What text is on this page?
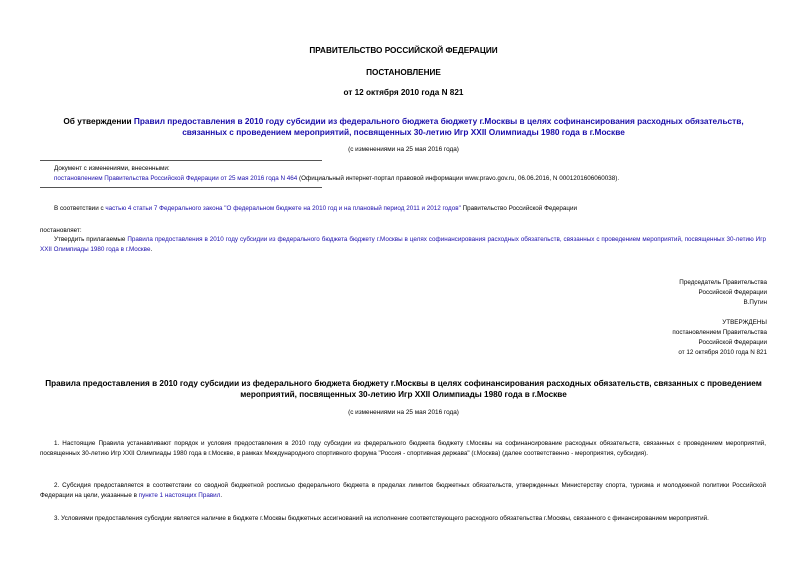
ПРАВИТЕЛЬСТВО РОССИЙСКОЙ ФЕДЕРАЦИИ
ПОСТАНОВЛЕНИЕ
от 12 октября 2010 года N 821
Об утверждении Правил предоставления в 2010 году субсидии из федерального бюджета бюджету г.Москвы в целях софинансирования расходных обязательств, связанных с проведением мероприятий, посвященных 30-летию Игр XXII Олимпиады 1980 года в г.Москве
(с изменениями на 25 мая 2016 года)
Документ с изменениями, внесенными:
постановлением Правительства Российской Федерации от 25 мая 2016 года N 464 (Официальный интернет-портал правовой информации www.pravo.gov.ru, 06.06.2016, N 0001201606060038).
В соответствии с частью 4 статьи 7 Федерального закона "О федеральном бюджете на 2010 год и на плановый период 2011 и 2012 годов" Правительство Российской Федерации
постановляет:
Утвердить прилагаемые Правила предоставления в 2010 году субсидии из федерального бюджета бюджету г.Москвы в целях софинансирования расходных обязательств, связанных с проведением мероприятий, посвященных 30-летию Игр XXII Олимпиады 1980 года в г.Москве.
Председатель Правительства
Российской Федерации
В.Путин
УТВЕРЖДЕНЫ
постановлением Правительства
Российской Федерации
от 12 октября 2010 года N 821
Правила предоставления в 2010 году субсидии из федерального бюджета бюджету г.Москвы в целях софинансирования расходных обязательств, связанных с проведением мероприятий, посвященных 30-летию Игр XXII Олимпиады 1980 года в г.Москве
(с изменениями на 25 мая 2016 года)
1. Настоящие Правила устанавливают порядок и условия предоставления в 2010 году субсидии из федерального бюджета бюджету г.Москвы на софинансирование расходных обязательств, связанных с проведением мероприятий, посвященных 30-летию Игр XXII Олимпиады 1980 года в г.Москве, в рамках Международного спортивного форума "Россия - спортивная держава" (г.Москва) (далее соответственно - мероприятия, субсидия).
2. Субсидия предоставляется в соответствии со сводной бюджетной росписью федерального бюджета в пределах лимитов бюджетных обязательств, утвержденных Министерству спорта, туризма и молодежной политики Российской Федерации на цели, указанные в пункте 1 настоящих Правил.
3. Условиями предоставления субсидии является наличие в бюджете г.Москвы бюджетных ассигнований на исполнение соответствующего расходного обязательства г.Москвы, связанного с финансированием мероприятий.
